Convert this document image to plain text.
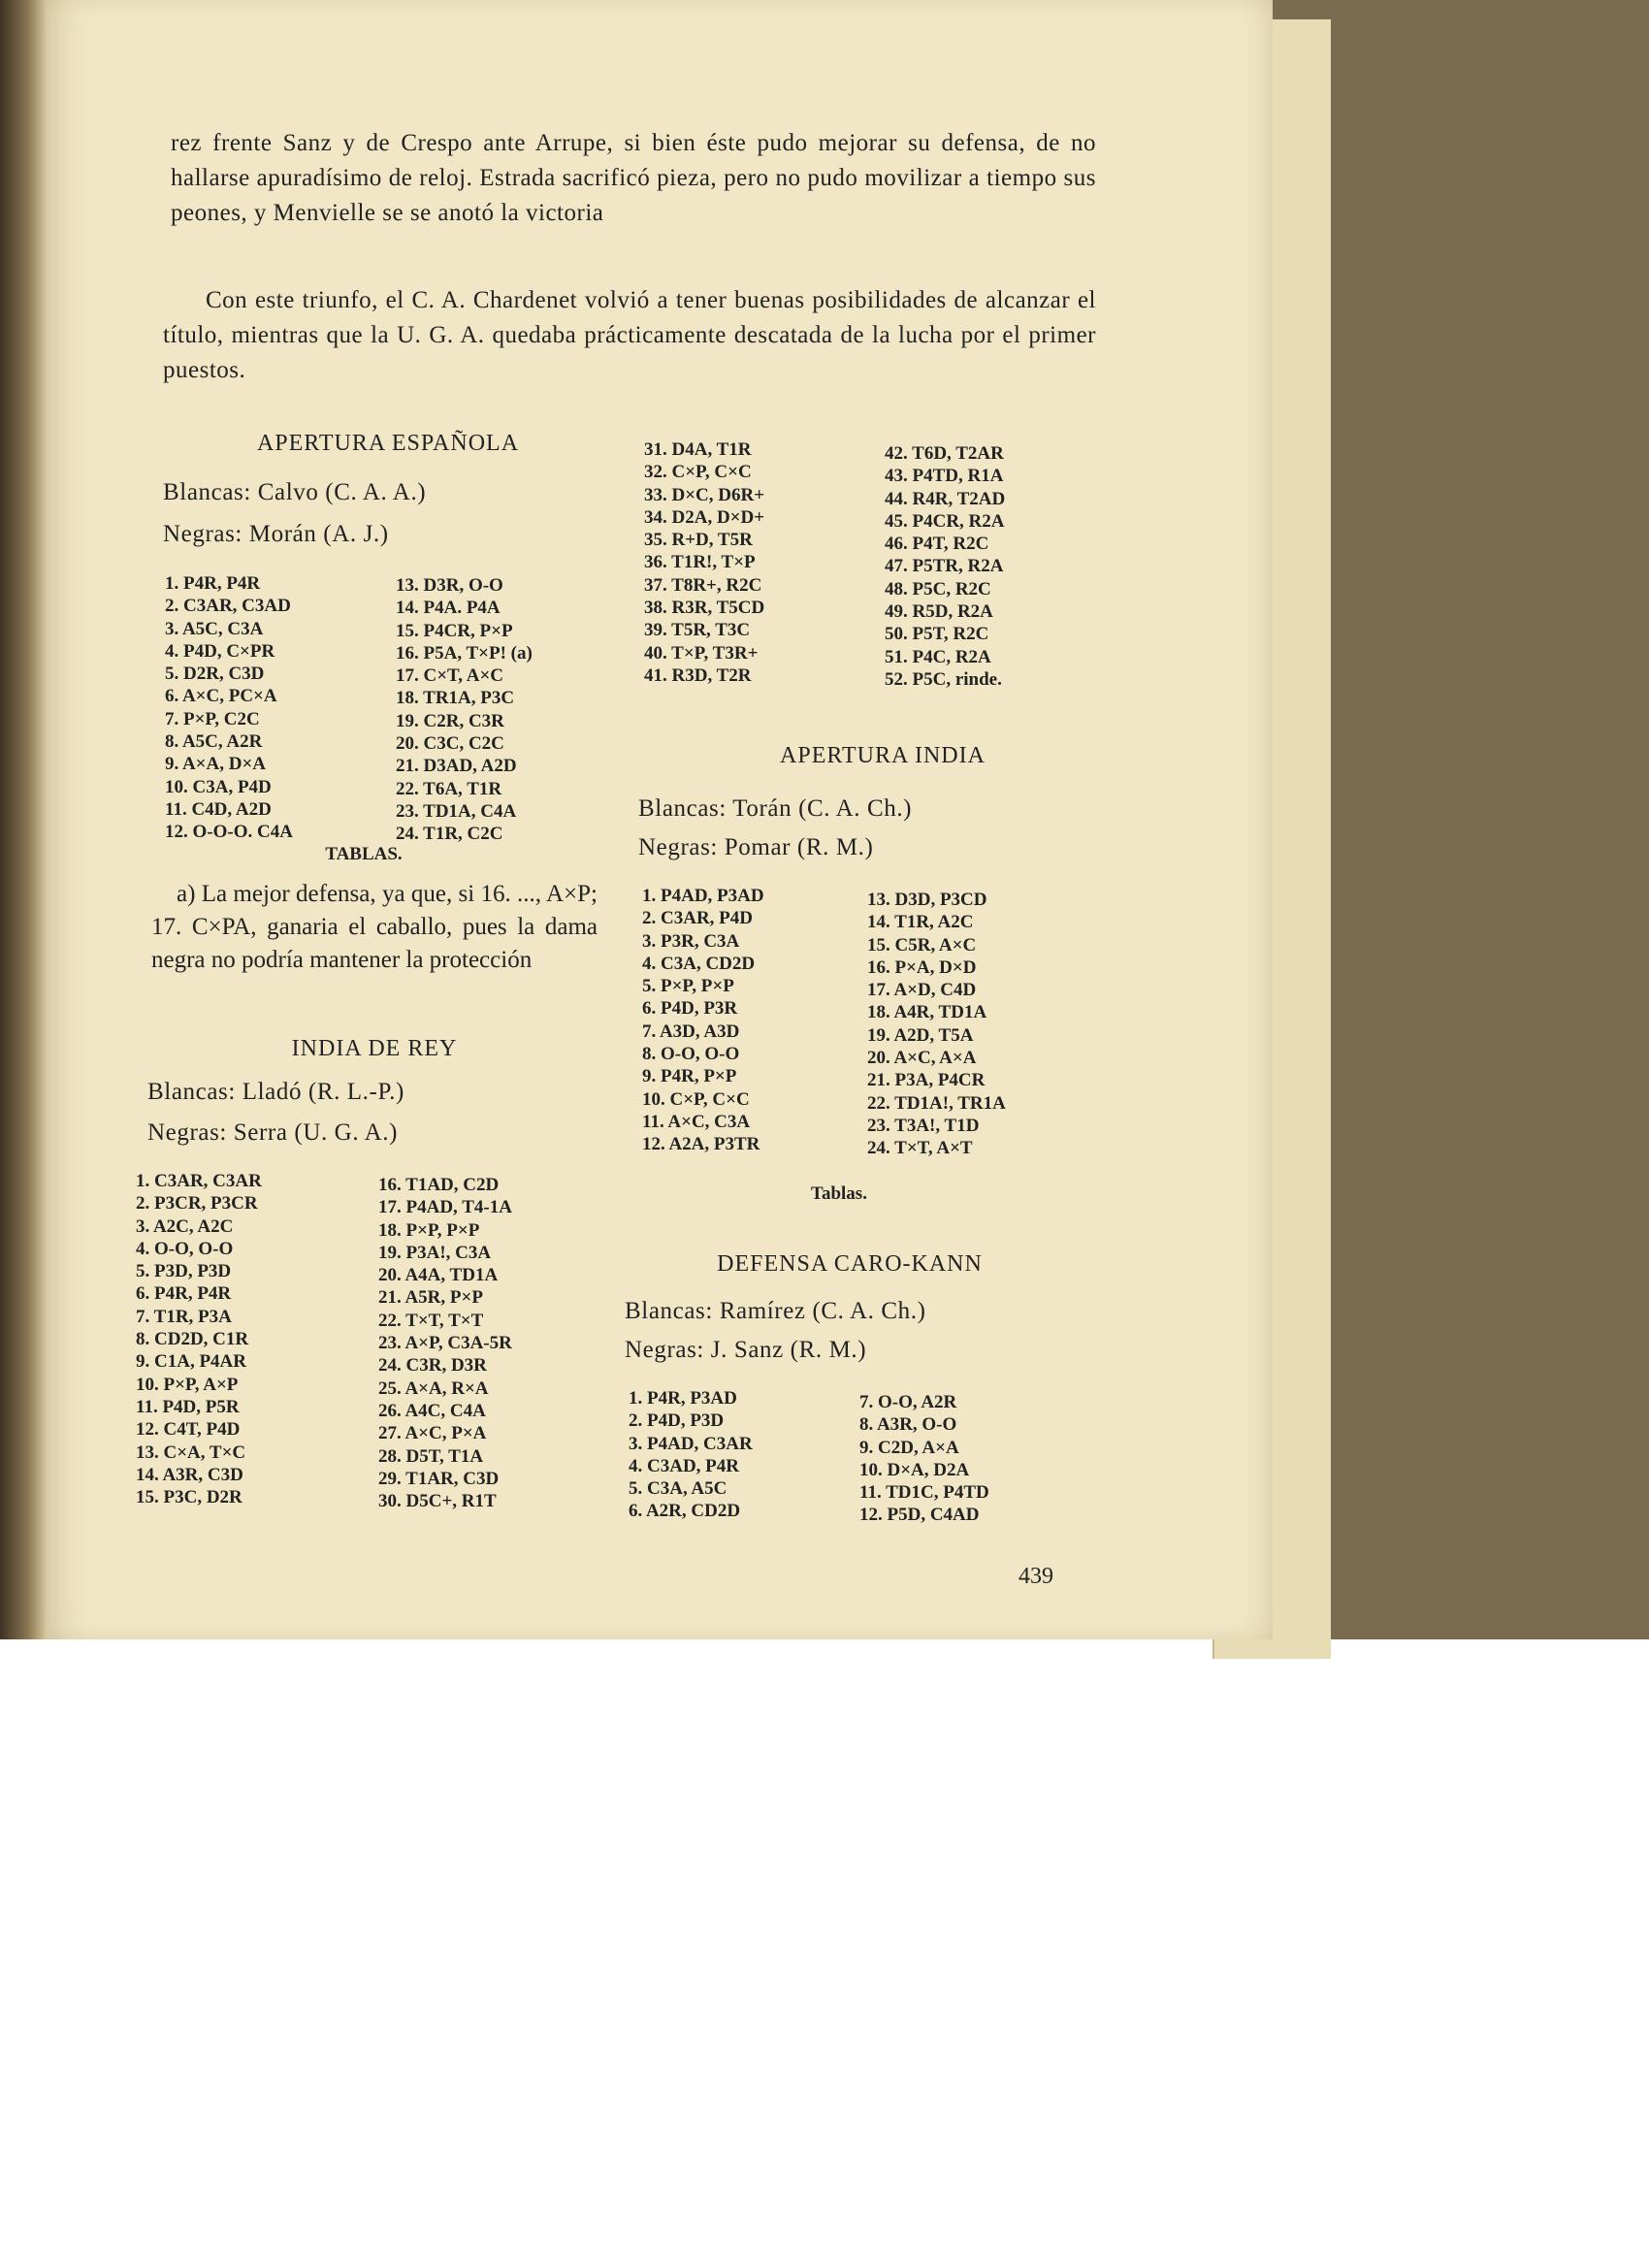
rez frente Sanz y de Crespo ante Arrupe, si bien éste pudo mejorar su defensa, de no hallarse apuradísimo de reloj. Estrada sacrificó pieza, pero no pudo movilizar a tiempo sus peones, y Menvielle se se anotó la victoria
Con este triunfo, el C. A. Chardenet volvió a tener buenas posibilidades de alcanzar el título, mientras que la U. G. A. quedaba prácticamente descatada de la lucha por el primer puestos.
APERTURA ESPAÑOLA
Blancas: Calvo (C. A. A.)
Negras: Morán (A. J.)
1. P4R, P4R
2. C3AR, C3AD
3. A5C, C3A
4. P4D, C×PR
5. D2R, C3D
6. A×C, PC×A
7. P×P, C2C
8. A5C, A2R
9. A×A, D×A
10. C3A, P4D
11. C4D, A2D
12. O-O-O. C4A
13. D3R, O-O
14. P4A. P4A
15. P4CR, P×P
16. P5A, T×P! (a)
17. C×T, A×C
18. TR1A, P3C
19. C2R, C3R
20. C3C, C2C
21. D3AD, A2D
22. T6A, T1R
23. TD1A, C4A
24. T1R, C2C
TABLAS.
a) La mejor defensa, ya que, si 16. ..., A×P; 17. C×PA, ganaria el caballo, pues la dama negra no podría mantener la protección
INDIA DE REY
Blancas: Lladó (R. L.-P.)
Negras: Serra (U. G. A.)
1. C3AR, C3AR
2. P3CR, P3CR
3. A2C, A2C
4. O-O, O-O
5. P3D, P3D
6. P4R, P4R
7. T1R, P3A
8. CD2D, C1R
9. C1A, P4AR
10. P×P, A×P
11. P4D, P5R
12. C4T, P4D
13. C×A, T×C
14. A3R, C3D
15. P3C, D2R
16. T1AD, C2D
17. P4AD, T4-1A
18. P×P, P×P
19. P3A!, C3A
20. A4A, TD1A
21. A5R, P×P
22. T×T, T×T
23. A×P, C3A-5R
24. C3R, D3R
25. A×A, R×A
26. A4C, C4A
27. A×C, P×A
28. D5T, T1A
29. T1AR, C3D
30. D5C+, R1T
31. D4A, T1R
32. C×P, C×C
33. D×C, D6R+
34. D2A, D×D+
35. R+D, T5R
36. T1R!, T×P
37. T8R+, R2C
38. R3R, T5CD
39. T5R, T3C
40. T×P, T3R+
41. R3D, T2R
42. T6D, T2AR
43. P4TD, R1A
44. R4R, T2AD
45. P4CR, R2A
46. P4T, R2C
47. P5TR, R2A
48. P5C, R2C
49. R5D, R2A
50. P5T, R2C
51. P4C, R2A
52. P5C, rinde.
APERTURA INDIA
Blancas: Torán (C. A. Ch.)
Negras: Pomar (R. M.)
1. P4AD, P3AD
2. C3AR, P4D
3. P3R, C3A
4. C3A, CD2D
5. P×P, P×P
6. P4D, P3R
7. A3D, A3D
8. O-O, O-O
9. P4R, P×P
10. C×P, C×C
11. A×C, C3A
12. A2A, P3TR
13. D3D, P3CD
14. T1R, A2C
15. C5R, A×C
16. P×A, D×D
17. A×D, C4D
18. A4R, TD1A
19. A2D, T5A
20. A×C, A×A
21. P3A, P4CR
22. TD1A!, TR1A
23. T3A!, T1D
24. T×T, A×T
Tablas.
DEFENSA CARO-KANN
Blancas: Ramírez (C. A. Ch.)
Negras: J. Sanz (R. M.)
1. P4R, P3AD
2. P4D, P3D
3. P4AD, C3AR
4. C3AD, P4R
5. C3A, A5C
6. A2R, CD2D
7. O-O, A2R
8. A3R, O-O
9. C2D, A×A
10. D×A, D2A
11. TD1C, P4TD
12. P5D, C4AD
439
